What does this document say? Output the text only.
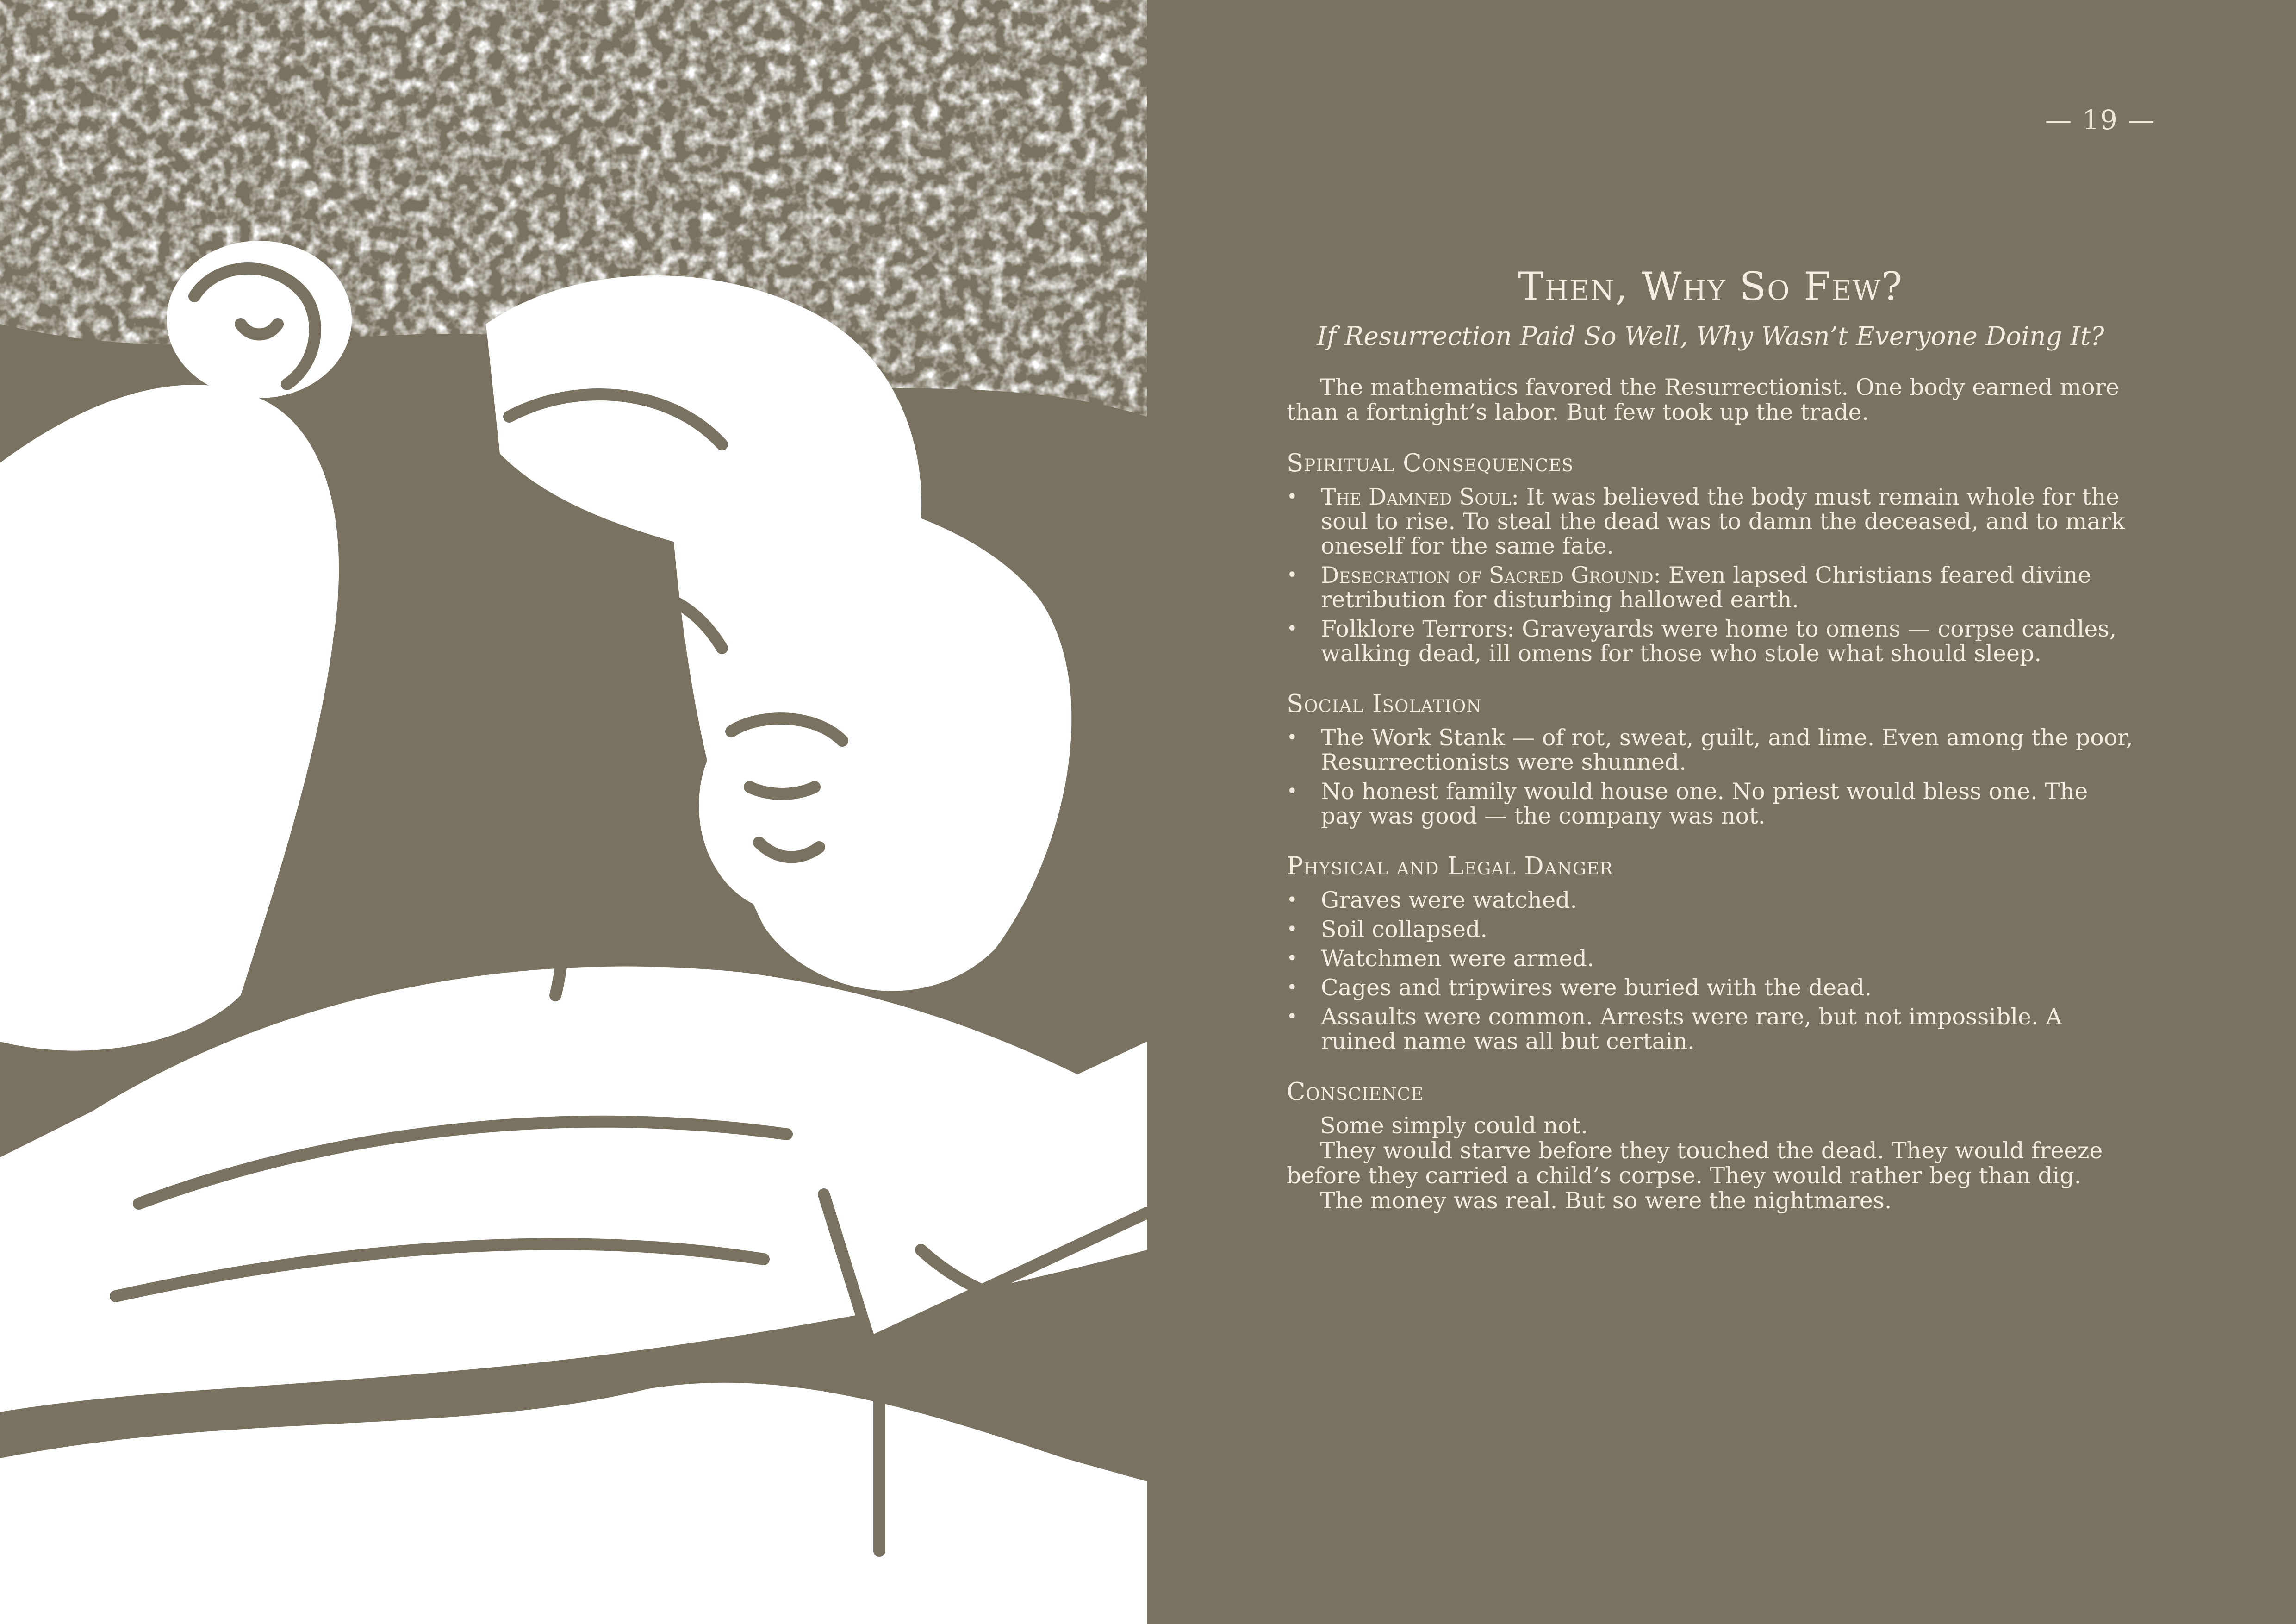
— 19 —
Then, Why So Few?
If Resurrection Paid So Well, Why Wasn’t Everyone Doing It?

The mathematics favored the Resurrectionist. One body earned more than a fortnight’s labor. But few took up the trade.

Spiritual Consequences
•	The Damned Soul: It was believed the body must remain whole for the soul to rise. To steal the dead was to damn the deceased, and to mark oneself for the same fate.
•	Desecration of Sacred Ground: Even lapsed Christians feared divine retribution for disturbing hallowed earth.
•	Folklore Terrors: Graveyards were home to omens — corpse candles, walking dead, ill omens for those who stole what should sleep.
Social Isolation
•	The Work Stank — of rot, sweat, guilt, and lime. Even among the poor, Resurrectionists were shunned.
•	No honest family would house one. No priest would bless one. The pay was good — the company was not.
Physical and Legal Danger
•	Graves were watched.
•	Soil collapsed.
•	Watchmen were armed.
•	Cages and tripwires were buried with the dead.
•	Assaults were common. Arrests were rare, but not impossible. A ruined name was all but certain.
Conscience

Some simply could not.

They would starve before they touched the dead. They would freeze before they carried a child’s corpse. They would rather beg than dig.

The money was real. But so were the nightmares.
